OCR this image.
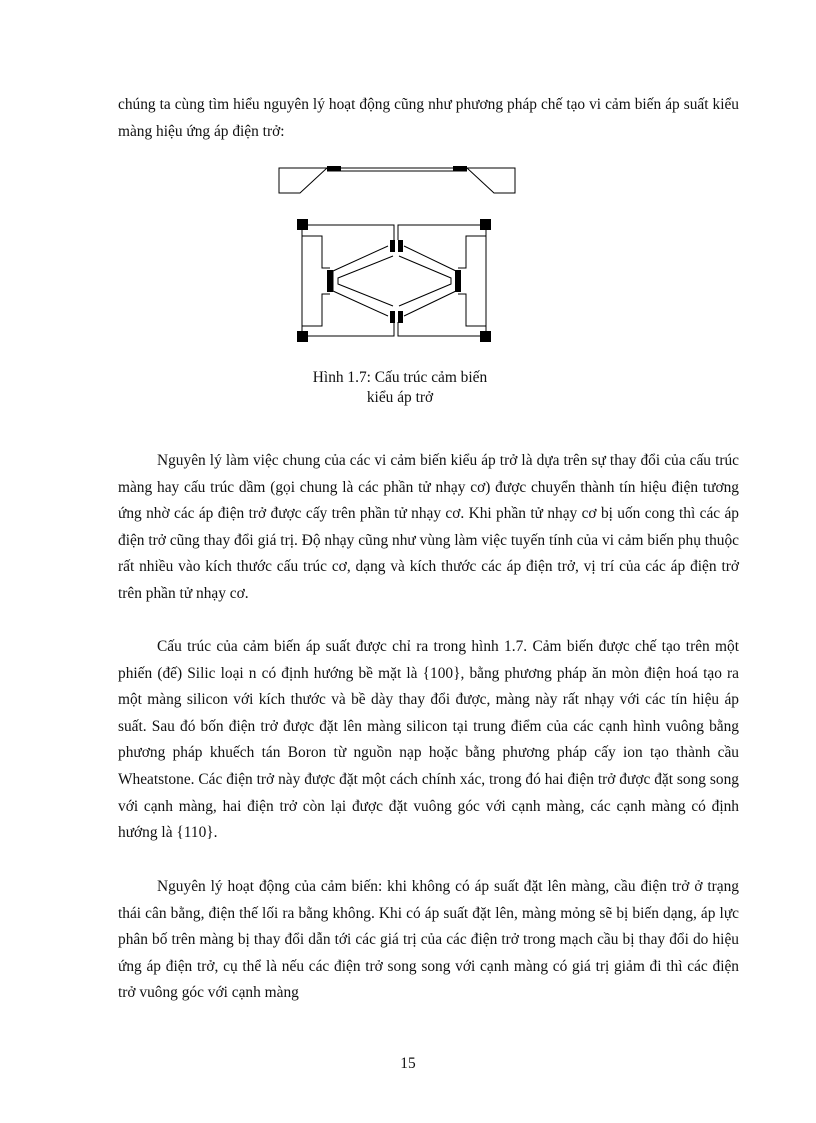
chúng ta cùng tìm hiểu nguyên lý hoạt động cũng như phương pháp chế tạo vi cảm biến áp suất kiểu màng hiệu ứng áp điện trở:

Hình 1.7: Cấu trúc cảm biến
kiểu áp trở

Nguyên lý làm việc chung của các vi cảm biến kiểu áp trở là dựa trên sự thay đổi của cấu trúc màng hay cấu trúc dầm (gọi chung là các phần tử nhạy cơ) được chuyển thành tín hiệu điện tương ứng nhờ các áp điện trở được cấy trên phần tử nhạy cơ. Khi phần tử nhạy cơ bị uốn cong thì các áp điện trở cũng thay đổi giá trị. Độ nhạy cũng như vùng làm việc tuyến tính của vi cảm biến phụ thuộc rất nhiều vào kích thước cấu trúc cơ, dạng và kích thước các áp điện trở, vị trí của các áp điện trở trên phần tử nhạy cơ.

Cấu trúc của cảm biến áp suất được chỉ ra trong hình 1.7. Cảm biến được chế tạo trên một phiến (đế) Silic loại n có định hướng bề mặt là {100}, bằng phương pháp ăn mòn điện hoá tạo ra một màng silicon với kích thước và bề dày thay đổi được, màng này rất nhạy với các tín hiệu áp suất. Sau đó bốn điện trở được đặt lên màng silicon tại trung điểm của các cạnh hình vuông bằng phương pháp khuếch tán Boron từ nguồn nạp hoặc bằng phương pháp cấy ion tạo thành cầu Wheatstone. Các điện trở này được đặt một cách chính xác, trong đó hai điện trở được đặt song song với cạnh màng, hai điện trở còn lại được đặt vuông góc với cạnh màng, các cạnh màng có định hướng là {110}.

Nguyên lý hoạt động của cảm biến: khi không có áp suất đặt lên màng, cầu điện trở ở trạng thái cân bằng, điện thế lối ra bằng không. Khi có áp suất đặt lên, màng mỏng sẽ bị biến dạng, áp lực phân bố trên màng bị thay đổi dẫn tới các giá trị của các điện trở trong mạch cầu bị thay đổi do hiệu ứng áp điện trở, cụ thể là nếu các điện trở song song với cạnh màng có giá trị giảm đi thì các điện trở vuông góc với cạnh màng

15
